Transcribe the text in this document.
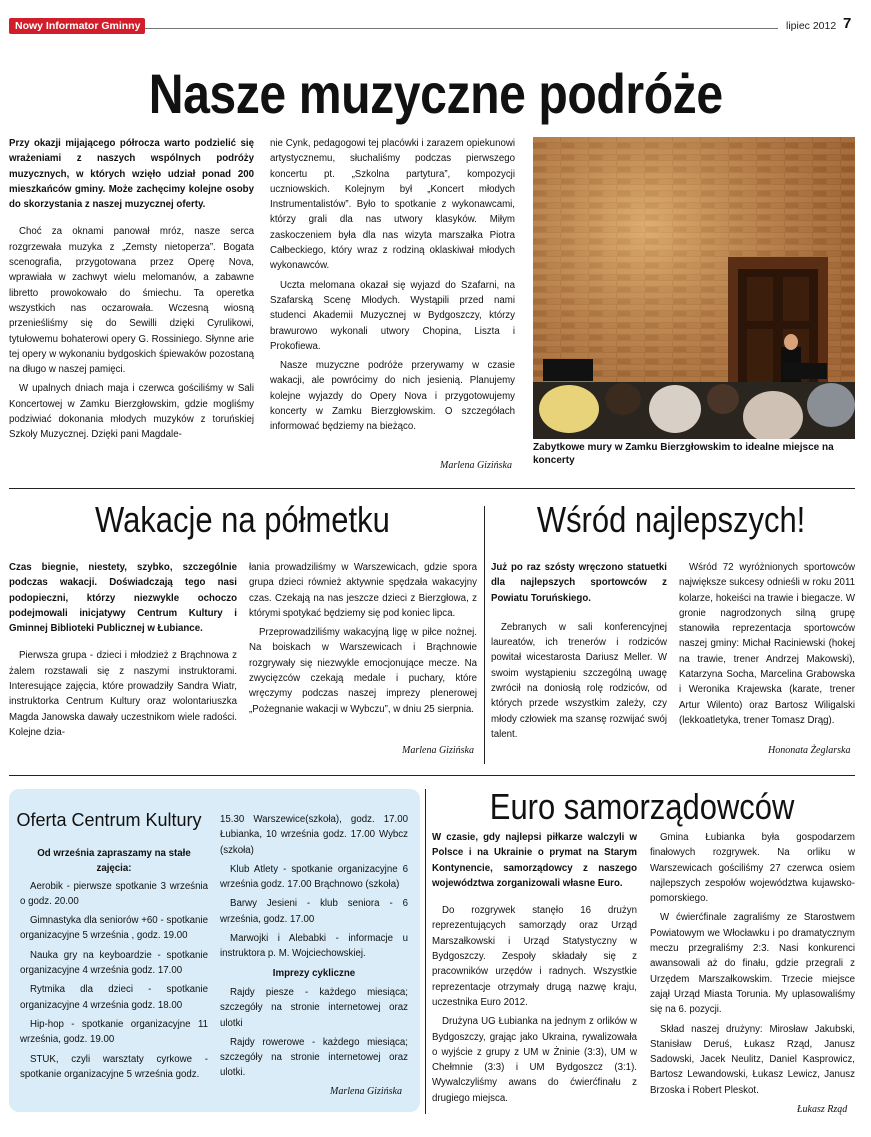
Nowy Informator Gminny	lipiec 2012 7
Nasze muzyczne podróże

Przy okazji mijającego półrocza warto podzielić się wrażeniami z naszych wspólnych podróży muzycznych, w których wzięło udział ponad 200 mieszkańców gminy. Może zachęcimy kolejne osoby do skorzystania z naszej muzycznej oferty.

Choć za oknami panował mróz, nasze serca rozgrzewała muzyka z „Zemsty nietoperza”. Bogata scenografia, przygotowana przez Operę Nova, wprawiała w zachwyt wielu melomanów, a zabawne libretto prowokowało do śmiechu. Ta operetka wszystkich nas oczarowała. Wczesną wiosną przenieśliśmy się do Sewilli dzięki Cyrulikowi, tytułowemu bohaterowi opery G. Rossiniego. Słynne arie tej opery w wykonaniu bydgoskich śpiewaków pozostaną na długo w naszej pamięci.

W upalnych dniach maja i czerwca gościliśmy w Sali Koncertowej w Zamku Bierzgłowskim, gdzie mogliśmy podziwiać dokonania młodych muzyków z toruńskiej Szkoły Muzycznej. Dzięki pani Magdale-

nie Cynk, pedagogowi tej placówki i zarazem opiekunowi artystycznemu, słuchaliśmy podczas pierwszego koncertu pt. „Szkolna partytura”, kompozycji uczniowskich. Kolejnym był „Koncert młodych Instrumentalistów”. Było to spotkanie z wykonawcami, którzy grali dla nas utwory klasyków. Miłym zaskoczeniem była dla nas wizyta marszałka Piotra Całbeckiego, który wraz z rodziną oklaskiwał młodych wykonawców.

Uczta melomana okazał się wyjazd do Szafarni, na Szafarską Scenę Młodych. Wystąpili przed nami studenci Akademii Muzycznej w Bydgoszczy, którzy brawurowo wykonali utwory Chopina, Liszta i Prokofiewa.

Nasze muzyczne podróże przerywamy w czasie wakacji, ale powrócimy do nich jesienią. Planujemy kolejne wyjazdy do Opery Nova i przygotowujemy koncerty w Zamku Bierzgłowskim. O szczegółach informować będziemy na bieżąco.

Marlena Gizińska
Zabytkowe mury w Zamku Bierzgłowskim to idealne miejsce na koncerty
Wakacje na półmetku

Czas biegnie, niestety, szybko, szczególnie podczas wakacji. Doświadczają tego nasi podopieczni, którzy niezwykle ochoczo podejmowali inicjatywy Centrum Kultury i Gminnej Biblioteki Publicznej w Łubiance.

Pierwsza grupa - dzieci i młodzież z Brąchnowa z żalem rozstawali się z naszymi instruktorami. Interesujące zajęcia, które prowadziły Sandra Wiatr, instruktorka Centrum Kultury oraz wolontariuszka Magda Janowska dawały uczestnikom wiele radości. Kolejne dzia-

łania prowadziliśmy w Warszewicach, gdzie spora grupa dzieci również aktywnie spędzała wakacyjny czas. Czekają na nas jeszcze dzieci z Bierzgłowa, z którymi spotykać będziemy się pod koniec lipca.

Przeprowadziliśmy wakacyjną ligę w piłce nożnej. Na boiskach w Warszewicach i Brąchnowie rozgrywały się niezwykle emocjonujące mecze. Na zwycięzców czekają medale i puchary, które wręczymy podczas naszej imprezy plenerowej „Pożegnanie wakacji w Wybczu”, w dniu 25 sierpnia.

Marlena Gizińska
Wśród najlepszych!

Już po raz szósty wręczono statuetki dla najlepszych sportowców z Powiatu Toruńskiego.

Zebranych w sali konferencyjnej laureatów, ich trenerów i rodziców powitał wicestarosta Dariusz Meller. W swoim wystąpieniu szczególną uwagę zwrócił na doniosłą rolę rodziców, od których przede wszystkim zależy, czy młody człowiek ma szansę rozwijać swój talent.

Wśród 72 wyróżnionych sportowców największe sukcesy odnieśli w roku 2011 kolarze, hokeiści na trawie i biegacze. W gronie nagrodzonych silną grupę stanowiła reprezentacja sportowców naszej gminy: Michał Raciniewski (hokej na trawie, trener Andrzej Makowski), Katarzyna Socha, Marcelina Grabowska i Weronika Krajewska (karate, trener Artur Wilento) oraz Bartosz Wiligalski (lekkoatletyka, trener Tomasz Drąg).

Hononata Żeglarska
Oferta Centrum Kultury

Od września zapraszamy na stałe zajęcia:

Aerobik - pierwsze spotkanie 3 września o godz. 20.00

Gimnastyka dla seniorów +60 - spotkanie organizacyjne 5 września , godz. 19.00

Nauka gry na keyboardzie - spotkanie organizacyjne 4 września godz. 17.00

Rytmika dla dzieci - spotkanie organizacyjne 4 września godz. 18.00

Hip-hop - spotkanie organizacyjne 11 września, godz. 19.00

STUK, czyli warsztaty cyrkowe - spotkanie organizacyjne 5 września godz.

15.30 Warszewice(szkoła), godz. 17.00 Łubianka, 10 września godz. 17.00 Wybcz (szkoła)

Klub Atlety - spotkanie organizacyjne 6 września godz. 17.00 Brąchnowo (szkoła)

Barwy Jesieni - klub seniora - 6 września, godz. 17.00

Marwojki i Alebabki - informacje u instruktora p. M. Wojciechowskiej.

Imprezy cykliczne

Rajdy piesze - każdego miesiąca; szczegóły na stronie internetowej oraz ulotki

Rajdy rowerowe - każdego miesiąca; szczegóły na stronie internetowej oraz ulotki.

Marlena Gizińska
Euro samorządowców

W czasie, gdy najlepsi piłkarze walczyli w Polsce i na Ukrainie o prymat na Starym Kontynencie, samorządowcy z naszego województwa zorganizowali własne Euro.

Do rozgrywek stanęło 16 drużyn reprezentujących samorządy oraz Urząd Marszałkowski i Urząd Statystyczny w Bydgoszczy. Zespoły składały się z pracowników urzędów i radnych. Wszystkie reprezentacje otrzymały drugą nazwę kraju, uczestnika Euro 2012.

Drużyna UG Łubianka na jednym z orlików w Bydgoszczy, grając jako Ukraina, rywalizowała o wyjście z grupy z UM w Żninie (3:3), UM w Chełmnie (3:3) i UM Bydgoszcz (3:1). Wywalczyliśmy awans do ćwierćfinału z drugiego miejsca.

Gmina Łubianka była gospodarzem finałowych rozgrywek. Na orliku w Warszewicach gościliśmy 27 czerwca osiem najlepszych zespołów województwa kujawsko-pomorskiego.

W ćwierćfinale zagraliśmy ze Starostwem Powiatowym we Włocławku i po dramatycznym meczu przegraliśmy 2:3. Nasi konkurenci awansowali aż do finału, gdzie przegrali z Urzędem Marszałkowskim. Trzecie miejsce zajął Urząd Miasta Torunia. My uplasowaliśmy się na 6. pozycji.

Skład naszej drużyny: Mirosław Jakubski, Stanisław Deruś, Łukasz Rząd, Janusz Sadowski, Jacek Neulitz, Daniel Kasprowicz, Bartosz Lewandowski, Łukasz Lewicz, Janusz Brzoska i Robert Pleskot.

Łukasz Rząd
